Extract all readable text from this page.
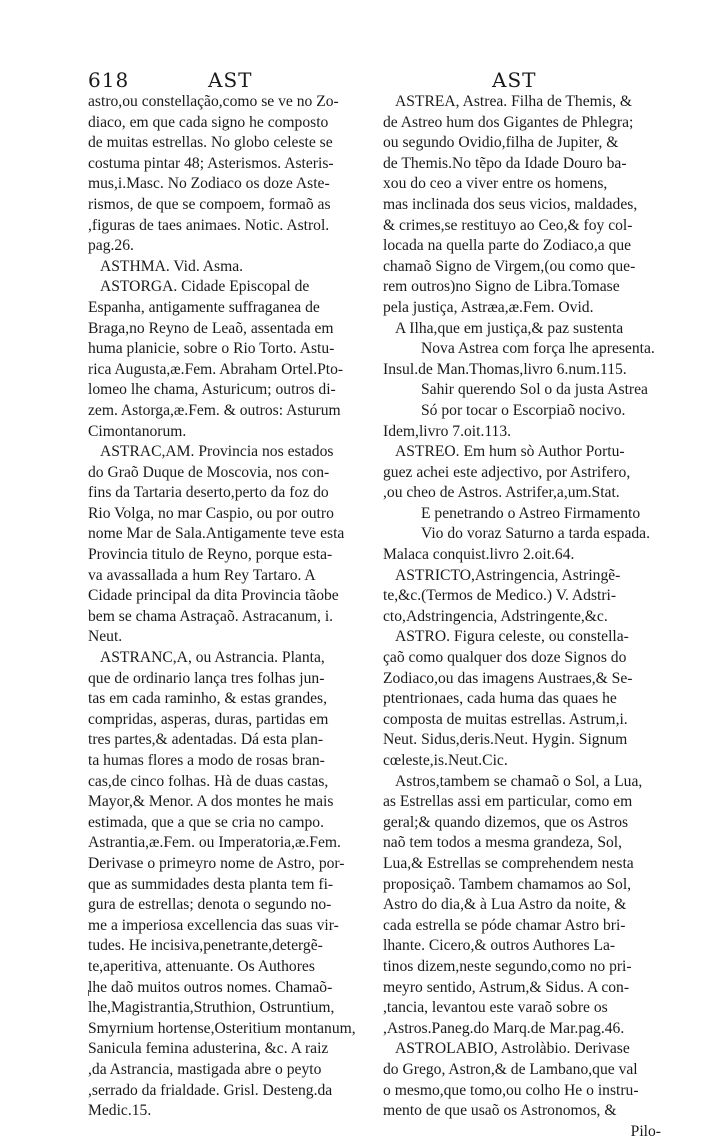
618	AST	AST
astro,ou constellação,como se ve no Zo-
diaco, em que cada signo he composto
de muitas estrellas. No globo celeste se
costuma pintar 48; Asterismos. Asteris-
mus,i.Masc. No Zodiaco os doze Aste-
rismos, de que se compoem, formaõ as
,figuras de taes animaes. Notic. Astrol.
pag.26.
ASTHMA. Vid. Asma.
ASTORGA. Cidade Episcopal de
Espanha, antigamente suffraganea de
Braga,no Reyno de Leaõ, assentada em
huma planicie, sobre o Rio Torto. Astu-
rica Augusta,æ.Fem. Abraham Ortel.Pto-
lomeo lhe chama, Asturicum; outros di-
zem. Astorga,æ.Fem. & outros: Asturum
Cimontanorum.
ASTRAC,AM. Provincia nos estados
do Graõ Duque de Moscovia, nos con-
fins da Tartaria deserto,perto da foz do
Rio Volga, no mar Caspio, ou por outro
nome Mar de Sala.Antigamente teve esta
Provincia titulo de Reyno, porque esta-
va avassallada a hum Rey Tartaro. A
Cidade principal da dita Provincia tãobe
bem se chama Astraçaõ. Astracanum, i.
Neut.
ASTRANC,A, ou Astrancia. Planta,
que de ordinario lança tres folhas jun-
tas em cada raminho, & estas grandes,
compridas, asperas, duras, partidas em
tres partes,& adentadas. Dá esta plan-
ta humas flores a modo de rosas bran-
cas,de cinco folhas. Hà de duas castas,
Mayor,& Menor. A dos montes he mais
estimada, que a que se cria no campo.
Astrantia,æ.Fem. ou Imperatoria,æ.Fem.
Derivase o primeyro nome de Astro, por-
que as summidades desta planta tem fi-
gura de estrellas; denota o segundo no-
me a imperiosa excellencia das suas vir-
tudes. He incisiva,penetrante,detergẽ-
te,aperitiva, attenuante. Os Authores
lhe daõ muitos outros nomes. Chamaõ-
lhe,Magistrantia,Struthion, Ostruntium,
Smyrnium hortense,Osteritium montanum,
Sanicula femina adusterina, &c. A raiz
,da Astrancia, mastigada abre o peyto
,serrado da frialdade. Grisl. Desteng.da
Medic.15.
ASTREA, Astrea. Filha de Themis, &
de Astreo hum dos Gigantes de Phlegra;
ou segundo Ovidio,filha de Jupiter, &
de Themis.No tẽpo da Idade Douro ba-
xou do ceo a viver entre os homens,
mas inclinada dos seus vicios, maldades,
& crimes,se restituyo ao Ceo,& foy col-
locada na quella parte do Zodiaco,a que
chamaõ Signo de Virgem,(ou como que-
rem outros)no Signo de Libra.Tomase
pela justiça, Astræa,æ.Fem. Ovid.
A Ilha,que em justiça,& paz sustenta
Nova Astrea com força lhe apresenta.
Insul.de Man.Thomas,livro 6.num.115.
Sahir querendo Sol o da justa Astrea
Só por tocar o Escorpiaõ nocivo.
Idem,livro 7.oit.113.
ASTREO. Em hum sò Author Portu-
guez achei este adjectivo, por Astrifero,
,ou cheo de Astros. Astrifer,a,um.Stat.
E penetrando o Astreo Firmamento
Vio do voraz Saturno a tarda espada.
Malaca conquist.livro 2.oit.64.
ASTRICTO,Astringencia, Astringẽ-
te,&c.(Termos de Medico.) V. Adstri-
cto,Adstringencia, Adstringente,&c.
ASTRO. Figura celeste, ou constella-
çaõ como qualquer dos doze Signos do
Zodiaco,ou das imagens Austraes,& Se-
ptentrionaes, cada huma das quaes he
composta de muitas estrellas. Astrum,i.
Neut. Sidus,deris.Neut. Hygin. Signum
cœleste,is.Neut.Cic.
Astros,tambem se chamaõ o Sol, a Lua,
as Estrellas assi em particular, como em
geral;& quando dizemos, que os Astros
naõ tem todos a mesma grandeza, Sol,
Lua,& Estrellas se comprehendem nesta
proposiçaõ. Tambem chamamos ao Sol,
Astro do dia,& à Lua Astro da noite, &
cada estrella se póde chamar Astro bri-
lhante. Cicero,& outros Authores La-
tinos dizem,neste segundo,como no pri-
meyro sentido, Astrum,& Sidus. A con-
,tancia, levantou este varaõ sobre os
,Astros.Paneg.do Marq.de Mar.pag.46.
ASTROLABIO, Astrolàbio. Derivase
do Grego, Astron,& de Lambano,que val
o mesmo,que tomo,ou colho He o instru-
mento de que usaõ os Astronomos, &
Pilo-
